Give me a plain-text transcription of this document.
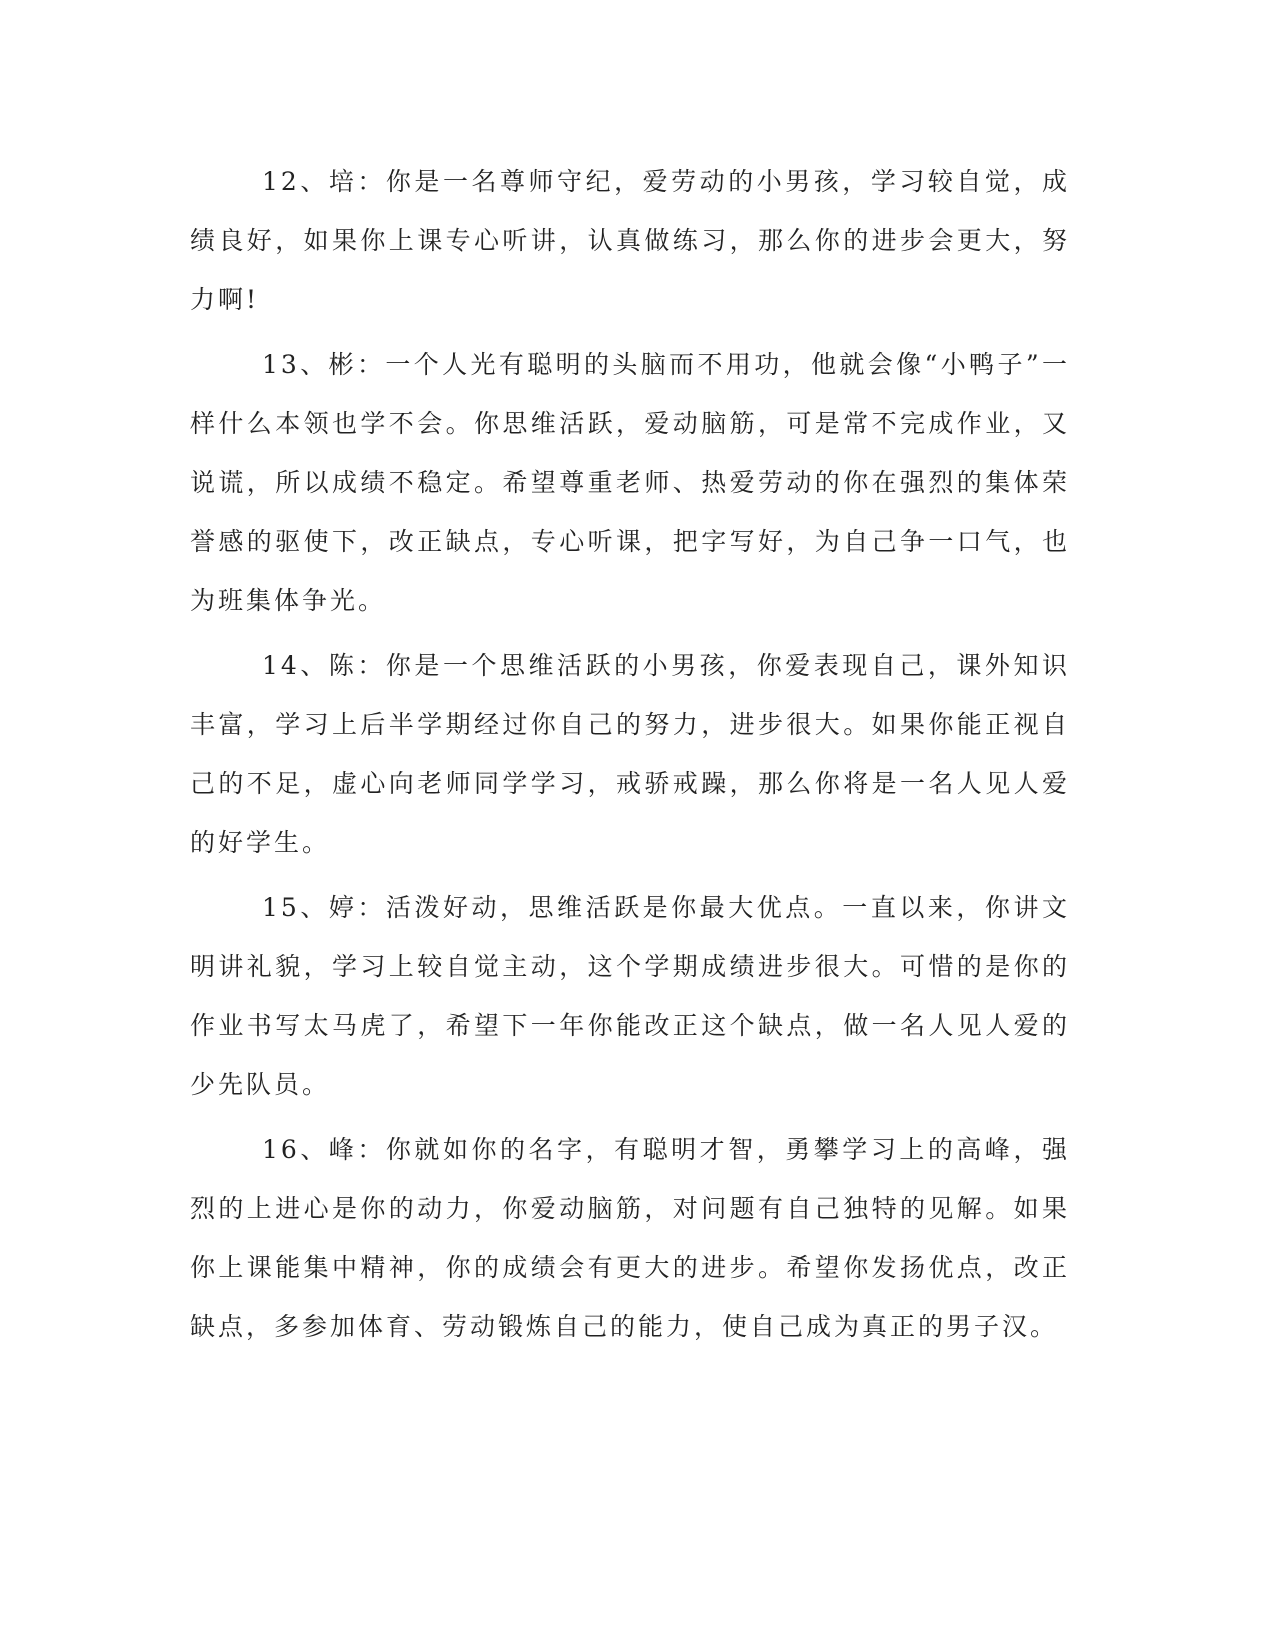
12、培：你是一名尊师守纪，爱劳动的小男孩，学习较自觉，成绩良好，如果你上课专心听讲，认真做练习，那么你的进步会更大，努力啊!

13、彬：一个人光有聪明的头脑而不用功，他就会像“小鸭子”一样什么本领也学不会。你思维活跃，爱动脑筋，可是常不完成作业，又说谎，所以成绩不稳定。希望尊重老师、热爱劳动的你在强烈的集体荣誉感的驱使下，改正缺点，专心听课，把字写好，为自己争一口气，也为班集体争光。

14、陈：你是一个思维活跃的小男孩，你爱表现自己，课外知识丰富，学习上后半学期经过你自己的努力，进步很大。如果你能正视自己的不足，虚心向老师同学学习，戒骄戒躁，那么你将是一名人见人爱的好学生。

15、婷：活泼好动，思维活跃是你最大优点。一直以来，你讲文明讲礼貌，学习上较自觉主动，这个学期成绩进步很大。可惜的是你的作业书写太马虎了，希望下一年你能改正这个缺点，做一名人见人爱的少先队员。

16、峰：你就如你的名字，有聪明才智，勇攀学习上的高峰，强烈的上进心是你的动力，你爱动脑筋，对问题有自己独特的见解。如果你上课能集中精神，你的成绩会有更大的进步。希望你发扬优点，改正缺点，多参加体育、劳动锻炼自己的能力，使自己成为真正的男子汉。
